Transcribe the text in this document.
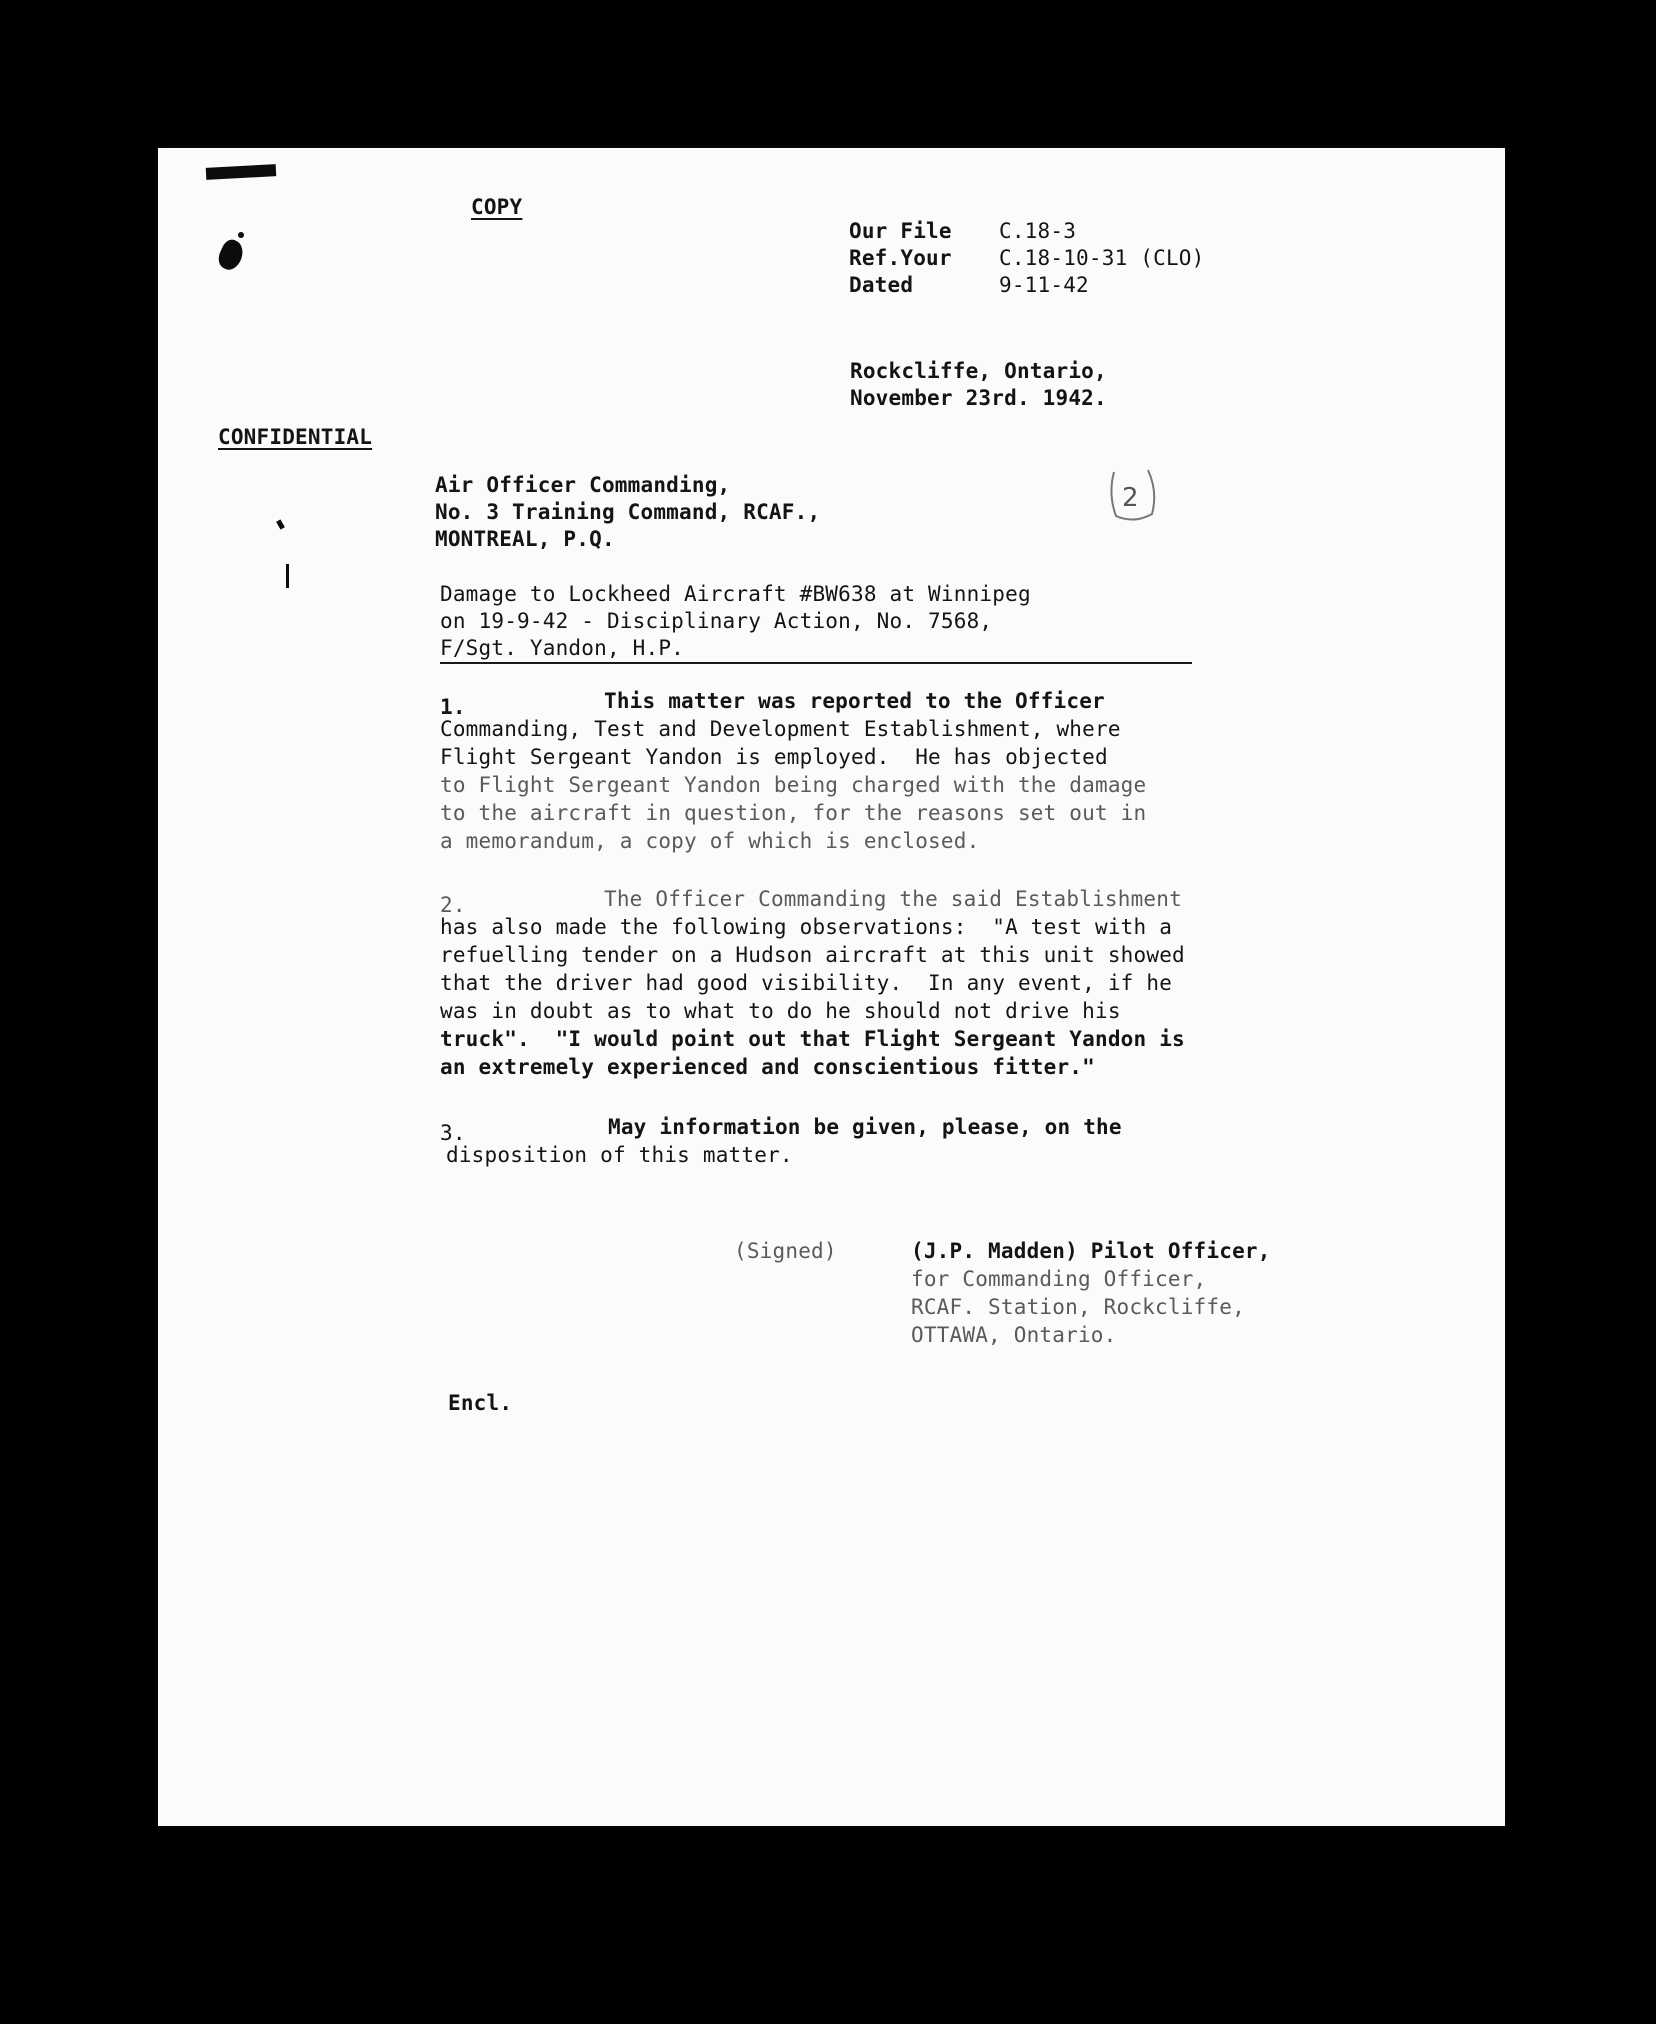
COPY
Our File C.18-3
Ref.Your C.18-10-31 (CLO)
Dated	9-11-42
Rockcliffe, Ontario,
November 23rd. 1942.
CONFIDENTIAL
2
Air Officer Commanding,
No. 3 Training Command, RCAF.,
MONTREAL, P.Q.
Damage to Lockheed Aircraft #BW638 at Winnipeg
on 19-9-42 - Disciplinary Action, No. 7568,
F/Sgt. Yandon, H.P.
1.	This matter was reported to the Officer
Commanding, Test and Development Establishment, where
Flight Sergeant Yandon is employed.  He has objected
to Flight Sergeant Yandon being charged with the damage
to the aircraft in question, for the reasons set out in
a memorandum, a copy of which is enclosed.
2.	The Officer Commanding the said Establishment
has also made the following observations:  "A test with a
refuelling tender on a Hudson aircraft at this unit showed
that the driver had good visibility.  In any event, if he
was in doubt as to what to do he should not drive his
truck".  "I would point out that Flight Sergeant Yandon is
an extremely experienced and conscientious fitter."
3.	May information be given, please, on the
disposition of this matter.
(Signed)	(J.P. Madden) Pilot Officer,
for Commanding Officer,
RCAF. Station, Rockcliffe,
OTTAWA, Ontario.
Encl.
